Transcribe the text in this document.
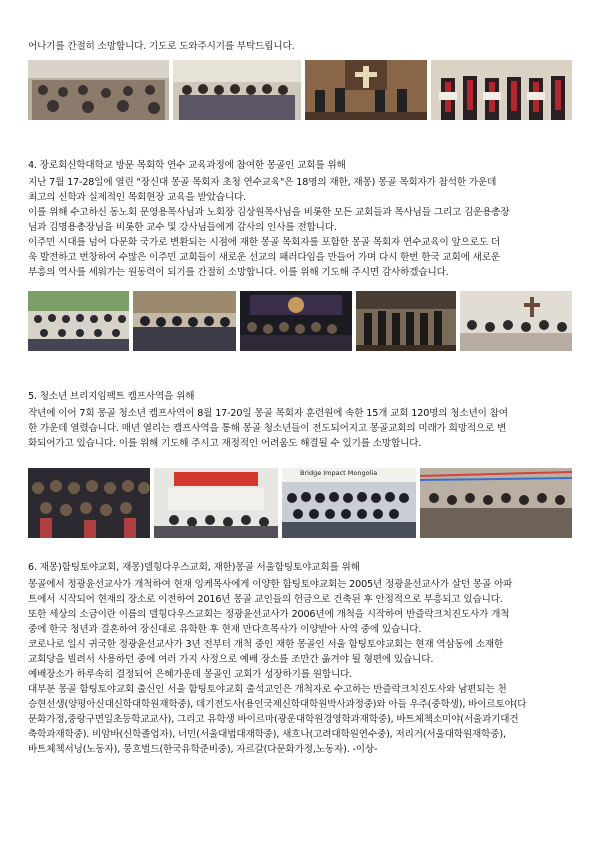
어나기를 간절히 소망합니다. 기도로 도와주시기를 부탁드립니다.
4. 장로회신학대학교 방문 목회학 연수 교육과정에 참여한 몽골인 교회를 위해
지난 7월 17-28일에 열린 "장신대 몽골 목회자 초청 연수교육"은 18명의 재한, 재몽) 몽골 목회자가 참석한 가운데
최고의 신학과 실제적인 목회현장 교육을 받았습니다.
이를 위해 수고하신 동노회 문영용목사님과 노회장 김상원목사님을 비롯한 모든 교회들과 목사님들 그리고 김운용총장
님과 김명용총장님을 비롯한 교수 및 강사님들에게 감사의 인사를 전합니다.
이주민 시대를 넘어 다문화 국가로 변환되는 시점에 재한 몽골 목회자를 포함한 몽골 목회자 연수교육이 앞으로도 더
욱 발전하고 번창하여 수많은 이주민 교회들이 새로운 선교의 패러다임을 만들어 가며 다시 한번 한국 교회에 새로운
부흥의 역사를 세워가는 원동력이 되기를 간절히 소망합니다. 이를 위해 기도해 주시면 감사하겠습니다.
5. 청소년 브리지임팩트 캠프사역을 위해
작년에 이어 7회 몽골 청소년 캠프사역이 8월 17-20일 몽골 목회자 훈련원에 속한 15개 교회 120명의 청소년이 참여
한 가운데 열렸습니다. 매년 열리는 캠프사역을 통해 몽골 청소년들이 전도되어지고 몽골교회의 미래가 희망적으로 변
화되어가고 있습니다. 이를 위해 기도해 주시고 재정적인 어려움도 해결될 수 있기를 소망합니다.
Bridge Impact Mongolia
6. 재몽)함팅토야교회, 재몽)델힝다우스교회, 재한)몽골 서울함팅토야교회를 위해
몽골에서 정광윤선교사가 개척하여 현재 잉케목사에게 이양한 함팅토야교회는 2005년 정광윤선교사가 살던 몽골 아파
트에서 시작되어 현재의 장소로 이전하여 2016년 몽골 교인들의 헌금으로 건축된 후 안정적으로 부흥되고 있습니다.
또한 세상의 소금이란 이름의 델힝다우스교회는 정광윤선교사가 2006년에 개척을 시작하여 반즐락크치진도사가 개척
중에 한국 청년과 결혼하여 장신대로 유학한 후 현재 만다흐목사가 이양받아 사역 중에 있습니다.
코로나로 일시 귀국한 정광윤선교사가 3년 전부터 개척 중인 재한 몽골인 서울 함팅토야교회는 현재 역삼동에 소재한
교회당을 빌려서 사용하던 중에 여러 가지 사정으로 예배 장소를 조만간 옮겨야 될 형편에 있습니다.
예배장소가 하루속히 결정되어 은혜가운데 몽골인 교회가 성장하기를 원합니다.
대부분 몽골 함팅토야교회 출신인 서울 함팅토야교회 출석교인은 개척자로 수고하는 반즐락크치진도사와 남편되는 천
승현선생(양평아신대신학대학원재학중), 데기전도사(용인국제신학대학원박사과정중)와 아들 우주(중학생), 바이르토야(다
문화가정,중랑구면일초등학교교사), 그리고 유학생 바이르마(광운대학원경영학과재학중), 바트체첵소미야(서울과기대건
축학과재학중). 비암바(신학졸업자), 너민(서울대법대재학중), 새흐나(고려대학원연수중), 저리거(서울대학원재학중),
바트체첵서닝(노동자), 뭉흐벌드(한국유학준비중), 자르갈(다문화가정,노동자). -이상-
